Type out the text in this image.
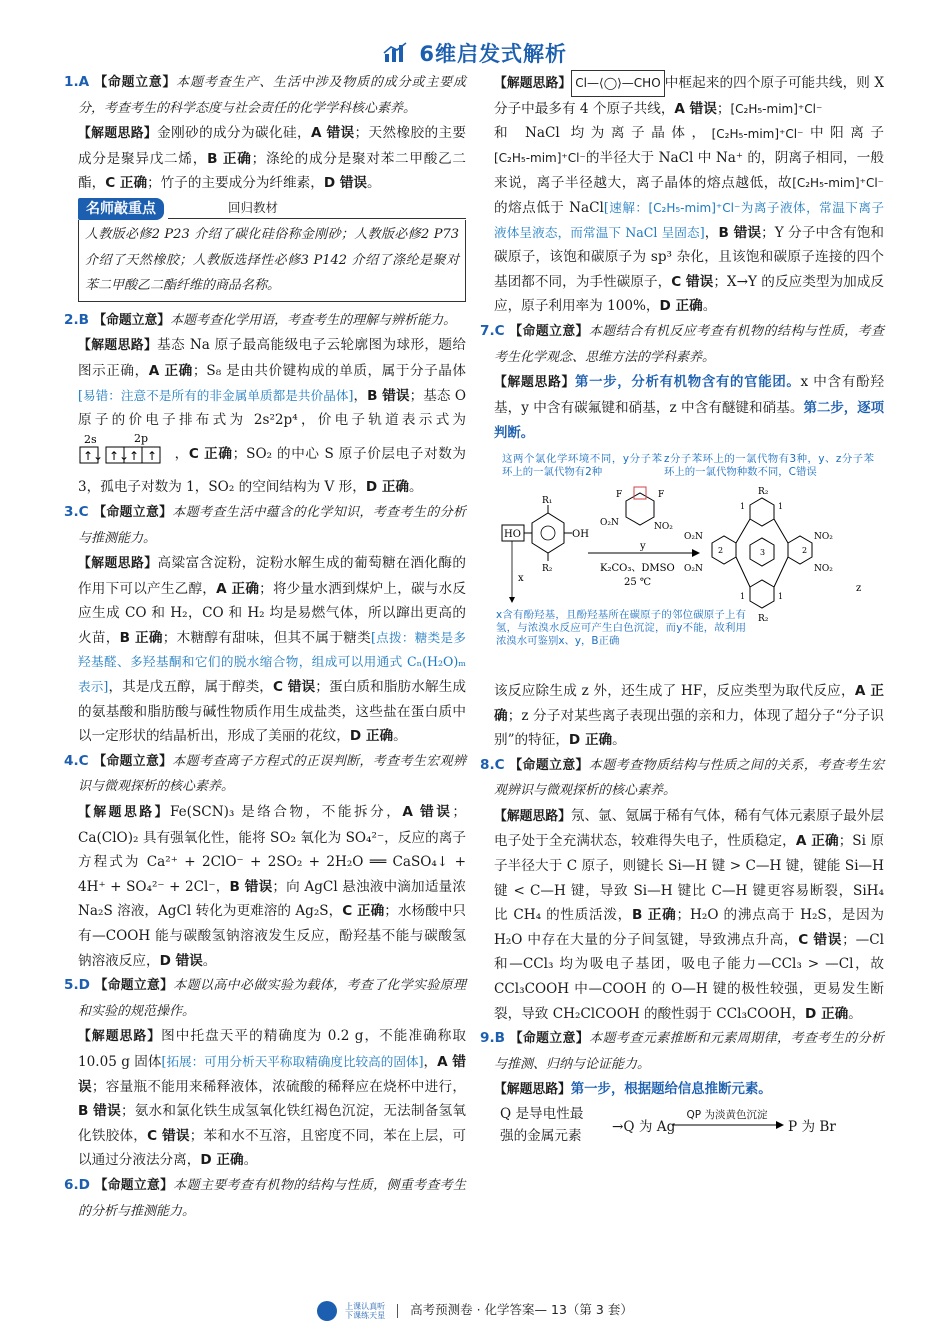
6维启发式解析
1.A 【命题立意】本题考查生产、生活中涉及物质的成分或主要成分，考查考生的科学态度与社会责任的化学学科核心素养。
【解题思路】金刚砂的成分为碳化硅，A 错误；天然橡胶的主要成分是聚异戊二烯，B 正确；涤纶的成分是聚对苯二甲酸乙二酯，C 正确；竹子的主要成分为纤维素，D 错误。
名师敲重点	回归教材
人教版必修2 P23 介绍了碳化硅俗称金刚砂；人教版必修2 P73 介绍了天然橡胶；人教版选择性必修3 P142 介绍了涤纶是聚对苯二甲酸乙二酯纤维的商品名称。
2.B 【命题立意】本题考查化学用语，考查考生的理解与辨析能力。
【解题思路】基态 Na 原子最高能级电子云轮廓图为球形，题给图示正确，A 正确；S₈ 是由共价键构成的单质，属于分子晶体[易错：注意不是所有的非金属单质都是共价晶体]，B 错误；基态 O 原子的价电子排布式为 2s²2p⁴，价电子轨道表示式为
2s	2p
↑↓ ↑↓ ↑ ↑ ，C 正确；SO₂ 的中心 S 原子价层电子对数为 3，孤电子对数为 1，SO₂ 的空间结构为 V 形，D 正确。
3.C 【命题立意】本题考查生活中蕴含的化学知识，考查考生的分析与推测能力。
【解题思路】高粱富含淀粉，淀粉水解生成的葡萄糖在酒化酶的作用下可以产生乙醇，A 正确；将少量水洒到煤炉上，碳与水反应生成 CO 和 H₂，CO 和 H₂ 均是易燃气体，所以蹿出更高的火苗，B 正确；木糖醇有甜味，但其不属于糖类[点拨：糖类是多羟基醛、多羟基酮和它们的脱水缩合物，组成可以用通式 Cₙ(H₂O)ₘ 表示]，其是戊五醇，属于醇类，C 错误；蛋白质和脂肪水解生成的氨基酸和脂肪酸与碱性物质作用生成盐类，这些盐在蛋白质中以一定形状的结晶析出，形成了美丽的花纹，D 正确。
4.C 【命题立意】本题考查离子方程式的正误判断，考查考生宏观辨识与微观探析的核心素养。
【解题思路】Fe(SCN)₃ 是络合物，不能拆分，A 错误；Ca(ClO)₂ 具有强氧化性，能将 SO₂ 氧化为 SO₄²⁻，反应的离子方程式为 Ca²⁺ + 2ClO⁻ + 2SO₂ + 2H₂O ══ CaSO₄↓ + 4H⁺ + SO₄²⁻ + 2Cl⁻，B 错误；向 AgCl 悬浊液中滴加适量浓 Na₂S 溶液，AgCl 转化为更难溶的 Ag₂S，C 正确；水杨酸中只有—COOH 能与碳酸氢钠溶液发生反应，酚羟基不能与碳酸氢钠溶液反应，D 错误。
5.D 【命题立意】本题以高中必做实验为载体，考查了化学实验原理和实验的规范操作。
【解题思路】图中托盘天平的精确度为 0.2 g，不能准确称取 10.05 g 固体[拓展：可用分析天平称取精确度比较高的固体]，A 错误；容量瓶不能用来稀释液体，浓硫酸的稀释应在烧杯中进行，B 错误；氨水和氯化铁生成氢氧化铁红褐色沉淀，无法制备氢氧化铁胶体，C 错误；苯和水不互溶，且密度不同，苯在上层，可以通过分液法分离，D 正确。
6.D 【命题立意】本题主要考查有机物的结构与性质，侧重考查考生的分析与推测能力。
【解题思路】 Cl—⟨◯⟩—CHO 中框起来的四个原子可能共线，则 X 分子中最多有 4 个原子共线，A 错误；[C₂H₅-mim]⁺Cl⁻
和 NaCl 均为离子晶体，[C₂H₅-mim]⁺Cl⁻中阳离子[C₂H₅-mim]⁺Cl⁻的半径大于 NaCl 中 Na⁺ 的，阴离子相同，一般来说，离子半径越大，离子晶体的熔点越低，故[C₂H₅-mim]⁺Cl⁻的熔点低于 NaCl[速解：[C₂H₅-mim]⁺Cl⁻为离子液体，常温下离子液体呈液态，而常温下 NaCl 呈固态]，B 错误；Y 分子中含有饱和碳原子，该饱和碳原子为 sp³ 杂化，且该饱和碳原子连接的四个基团都不同，为手性碳原子，C 错误；X→Y 的反应类型为加成反应，原子利用率为 100%，D 正确。
7.C 【命题立意】本题结合有机反应考查有机物的结构与性质，考查考生化学观念、思维方法的学科素养。
【解题思路】第一步，分析有机物含有的官能团。x 中含有酚羟基，y 中含有碳氟键和硝基，z 中含有醚键和硝基。第二步，逐项判断。
这两个氯化学环境不同，y分子苯环上的一氯代物有2种
z分子苯环上的一氯代物有3种，y、z分子苯环上的一氯代物种数不同，C错误
HO	OH
R₁
R₂
x
F	F
O₂N	NO₂
y
K₂CO₃、DMSO
25 ℃
R₂
R₂
O₂N
O₂N
NO₂
NO₂
1	1
2	2
3
1	1
z
x含有酚羟基，且酚羟基所在碳原子的邻位碳原子上有氢，与浓溴水反应可产生白色沉淀，而y不能，故利用浓溴水可鉴别x、y，B正确
该反应除生成 z 外，还生成了 HF，反应类型为取代反应，A 正确；z 分子对某些离子表现出强的亲和力，体现了超分子“分子识别”的特征，D 正确。
8.C 【命题立意】本题考查物质结构与性质之间的关系，考查考生宏观辨识与微观探析的核心素养。
【解题思路】氖、氩、氪属于稀有气体，稀有气体元素原子最外层电子处于全充满状态，较难得失电子，性质稳定，A 正确；Si 原子半径大于 C 原子，则键长 Si—H 键 > C—H 键，键能 Si—H 键 < C—H 键，导致 Si—H 键比 C—H 键更容易断裂，SiH₄ 比 CH₄ 的性质活泼，B 正确；H₂O 的沸点高于 H₂S，是因为 H₂O 中存在大量的分子间氢键，导致沸点升高，C 错误；—Cl 和—CCl₃ 均为吸电子基团，吸电子能力—CCl₃ > —Cl，故 CCl₃COOH 中—COOH 的 O—H 键的极性较强，更易发生断裂，导致 CH₂ClCOOH 的酸性弱于 CCl₃COOH，D 正确。
9.B 【命题立意】本题考查元素推断和元素周期律，考查考生的分析与推测、归纳与论证能力。
【解题思路】第一步，根据题给信息推断元素。
Q 是导电性最
强的金属元素
→Q 为 Ag
QP 为淡黄色沉淀
P 为 Br
上课认真听
下课练天星 高考预测卷 · 化学答案— 13（第 3 套）
